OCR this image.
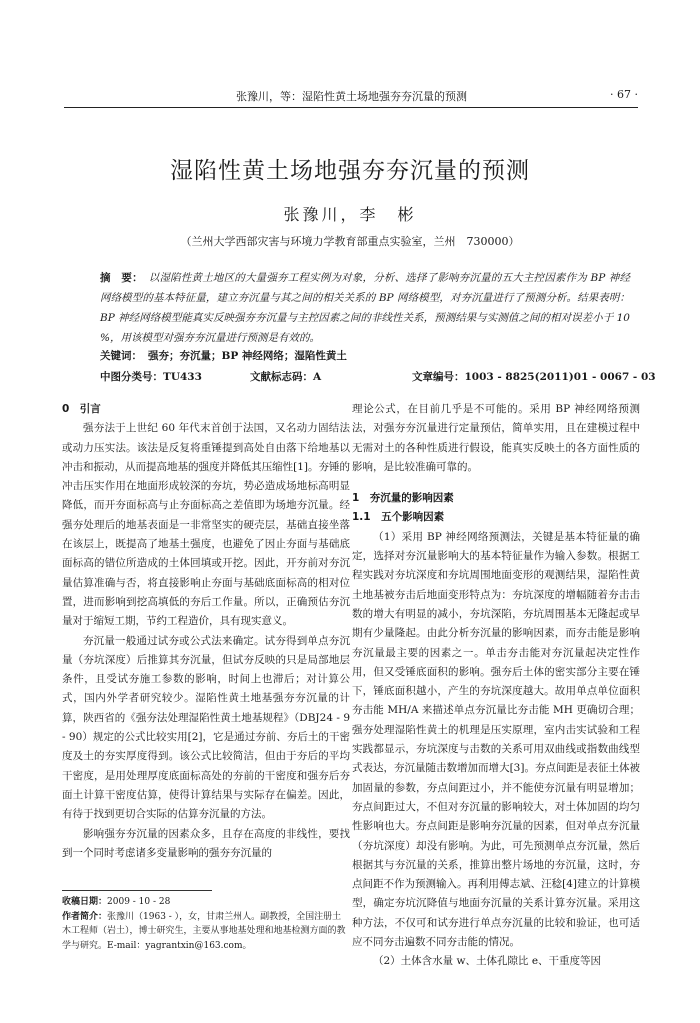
张豫川，等：湿陷性黄土场地强夯夯沉量的预测	· 67 ·
湿陷性黄土场地强夯夯沉量的预测
张豫川，李　彬
（兰州大学西部灾害与环境力学教育部重点实验室，兰州　730000）
摘　要： 以湿陷性黄土地区的大量强夯工程实例为对象，分析、选择了影响夯沉量的五大主控因素作为 BP 神经网络模型的基本特征量，建立夯沉量与其之间的相关关系的 BP 网络模型，对夯沉量进行了预测分析。结果表明：BP 神经网络模型能真实反映强夯夯沉量与主控因素之间的非线性关系，预测结果与实测值之间的相对误差小于 10 %，用该模型对强夯夯沉量进行预测是有效的。
关键词： 强夯；夯沉量；BP 神经网络；湿陷性黄土
中图分类号：TU433	文献标志码：A	文章编号：1003 - 8825(2011)01 - 0067 - 03

0　引言

强夯法于上世纪 60 年代末首创于法国，又名动力固结法或动力压实法。该法是反复将重锤提到高处自由落下给地基以冲击和振动，从而提高地基的强度并降低其压缩性[1]。夯锤的冲击压实作用在地面形成较深的夯坑，势必造成场地标高明显降低，而开夯面标高与止夯面标高之差值即为场地夯沉量。经强夯处理后的地基表面是一非常坚实的硬壳层，基础直接坐落在该层上，既提高了地基土强度，也避免了因止夯面与基础底面标高的错位所造成的土体回填或开挖。因此，开夯前对夯沉量估算准确与否，将直接影响止夯面与基础底面标高的相对位置，进而影响到挖高填低的夯后工作量。所以，正确预估夯沉量对于缩短工期，节约工程造价，具有现实意义。

夯沉量一般通过试夯或公式法来确定。试夯得到单点夯沉量（夯坑深度）后推算其夯沉量，但试夯反映的只是局部地层条件，且受试夯施工参数的影响，时间上也滞后；对计算公式，国内外学者研究较少。湿陷性黄土地基强夯夯沉量的计算，陕西省的《强夯法处理湿陷性黄土地基规程》（DBJ24 - 9 - 90）规定的公式比较实用[2]，它是通过夯前、夯后土的干密度及土的夯实厚度得到。该公式比较简洁，但由于夯后的平均干密度，是用处理厚度底面标高处的夯前的干密度和强夯后夯面土计算干密度估算，使得计算结果与实际存在偏差。因此，有待于找到更切合实际的估算夯沉量的方法。

影响强夯夯沉量的因素众多，且存在高度的非线性，要找到一个同时考虑诸多变量影响的强夯夯沉量的

理论公式，在目前几乎是不可能的。采用 BP 神经网络预测法，对强夯夯沉量进行定量预估，简单实用，且在建模过程中无需对土的各种性质进行假设，能真实反映土的各方面性质的影响，是比较准确可靠的。

1　夯沉量的影响因素

1.1　五个影响因素

（1）采用 BP 神经网络预测法，关键是基本特征量的确定，选择对夯沉量影响大的基本特征量作为输入参数。根据工程实践对夯坑深度和夯坑周围地面变形的观测结果，湿陷性黄土地基被夯击后地面变形特点为：夯坑深度的增幅随着夯击击数的增大有明显的减小，夯坑深陷，夯坑周围基本无隆起或早期有少量隆起。由此分析夯沉量的影响因素，而夯击能是影响夯沉量最主要的因素之一。单击夯击能对夯沉量起决定性作用，但又受锤底面积的影响。强夯后土体的密实部分主要在锤下，锤底面积越小，产生的夯坑深度越大。故用单点单位面积夯击能 MH/A 来描述单点夯沉量比夯击能 MH 更确切合理；强夯处理湿陷性黄土的机理是压实原理，室内击实试验和工程实践都显示，夯坑深度与击数的关系可用双曲线或指数曲线型式表达，夯沉量随击数增加而增大[3]。夯点间距是表征土体被加固量的参数，夯点间距过小，并不能使夯沉量有明显增加；夯点间距过大，不但对夯沉量的影响较大，对土体加固的均匀性影响也大。夯点间距是影响夯沉量的因素，但对单点夯沉量（夯坑深度）却没有影响。为此，可先预测单点夯沉量，然后根据其与夯沉量的关系，推算出整片场地的夯沉量，这时，夯点间距不作为预测输入。再利用傅志斌、汪稔[4]建立的计算模型，确定夯坑沉降值与地面夯沉量的关系计算夯沉量。采用这种方法，不仅可和试夯进行单点夯沉量的比较和验证，也可适应不同夯击遍数不同夯击能的情况。

（2）土体含水量 w、土体孔隙比 e、干重度等因

收稿日期：2009 - 10 - 28
作者简介：张豫川（1963 - ），女，甘肃兰州人。副教授，全国注册土木工程师（岩土），博士研究生，主要从事地基处理和地基检测方面的教学与研究。E-mail：yagrantxin@163.com。
